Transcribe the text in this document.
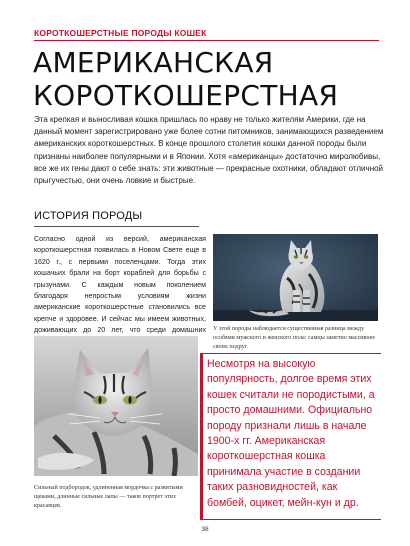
КОРОТКОШЕРСТНЫЕ ПОРОДЫ КОШЕК
АМЕРИКАНСКАЯ
КОРОТКОШЕРСТНАЯ

Эта крепкая и выносливая кошка пришлась по нраву не только жителям Америки, где на данный момент зарегистрировано уже более сотни питомников, занимающихся разведением американских короткошерстных. В конце прошлого столетия кошки данной породы были признаны наиболее популярными и в Японии. Хотя «американцы» достаточно миролюбивы, все же их гены дают о себе знать: эти животные — прекрасные охотники, обладают отличной прыгучестью, они очень ловкие и быстрые.

ИСТОРИЯ ПОРОДЫ

Согласно одной из версий, американская короткошерстная появилась в Новом Свете еще в 1620 г., с первыми поселенцами. Тогда этих кошачьих брали на борт кораблей для борьбы с грызунами. С каждым новым поколением благодаря непростым условиям жизни американские короткошерстные становились все крепче и здоровее. И сейчас мы имеем животных, доживающих до 20 лет, что среди домашних У этой породы наблюдается существенная разница между особями мужского и женского пола: самцы заметно массивнее своих подруг.
Сильный подбородок, удлиненная мордочка с развитыми щеками, длинные сильные лапы — таков портрет этих красавцев.

Несмотря на высокую популярность, долгое время этих кошек считали не породистыми, а просто домашними. Официально породу признали лишь в начале 1900-х гг. Американская короткошерстная кошка принимала участие в создании таких разновидностей, как бомбей, оцикет, мейн-кун и др.

38
